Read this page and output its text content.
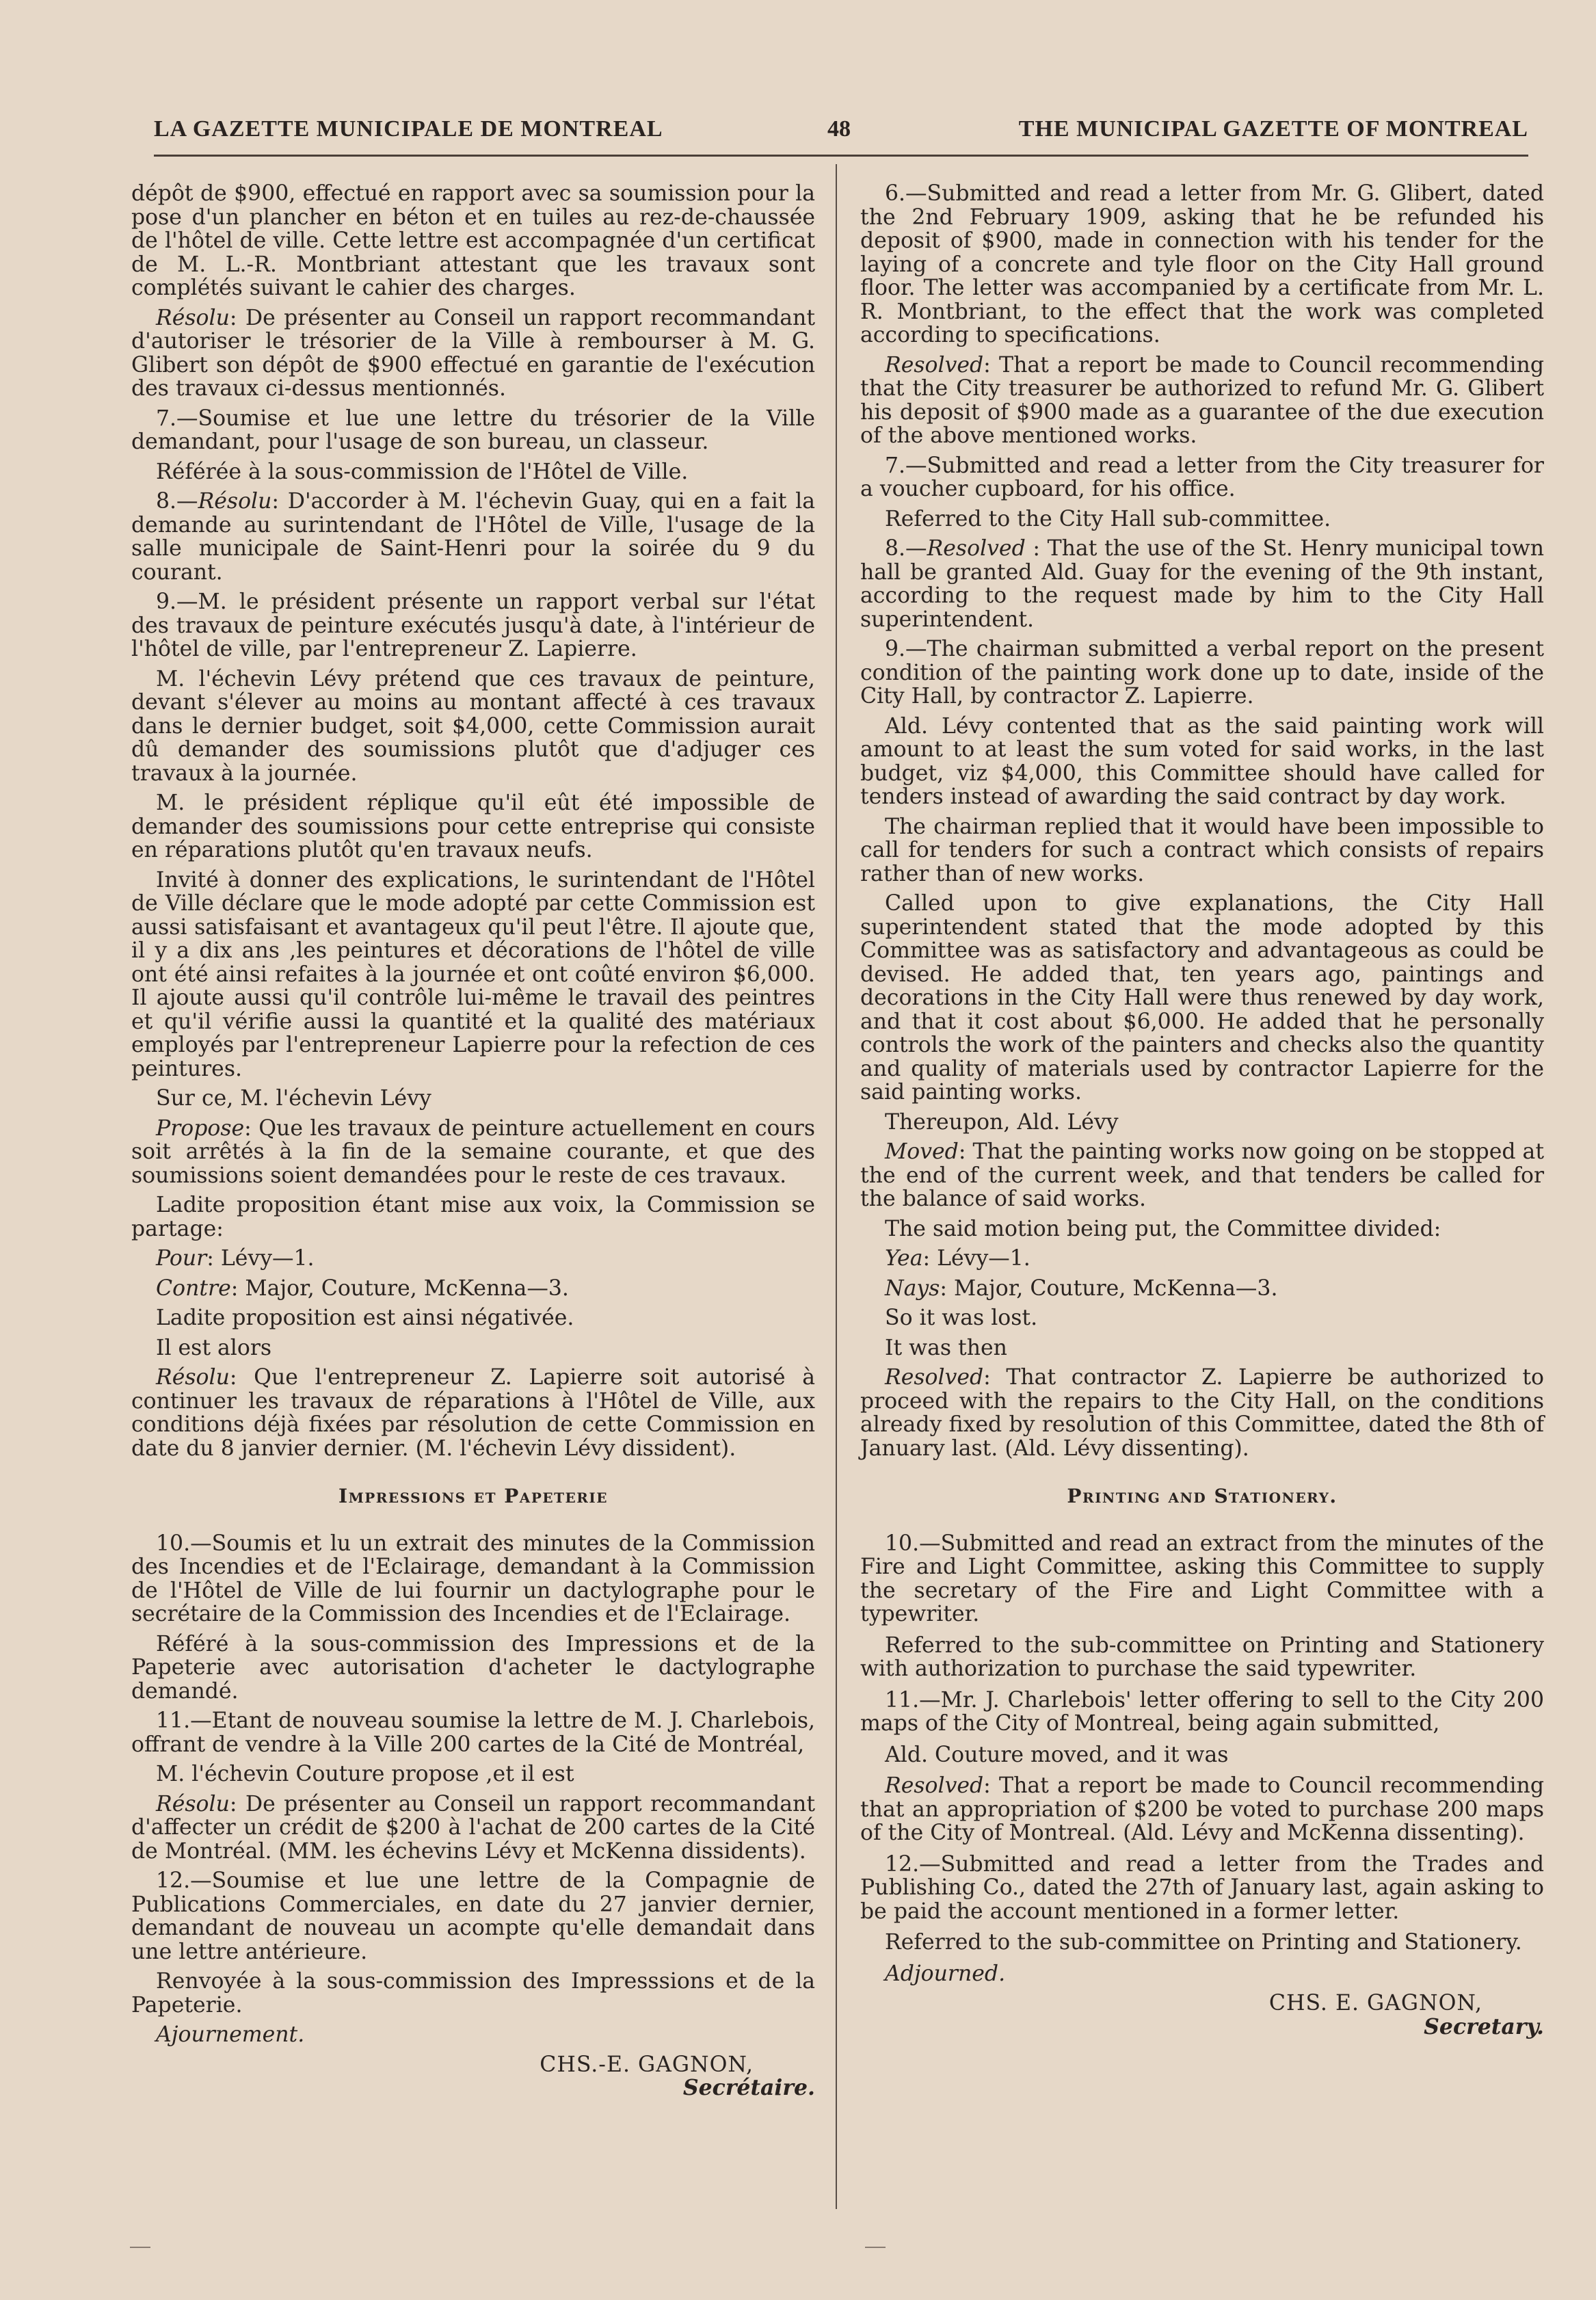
LA GAZETTE MUNICIPALE DE MONTREAL	48	THE MUNICIPAL GAZETTE OF MONTREAL

dépôt de $900, effectué en rapport avec sa soumission pour la pose d'un plancher en béton et en tuiles au rez-de-chaussée de l'hôtel de ville. Cette lettre est accompagnée d'un certificat de M. L.-R. Montbriant attestant que les travaux sont complétés suivant le cahier des charges.

Résolu: De présenter au Conseil un rapport recommandant d'autoriser le trésorier de la Ville à rembourser à M. G. Glibert son dépôt de $900 effectué en garantie de l'exécution des travaux ci-dessus mentionnés.

7.—Soumise et lue une lettre du trésorier de la Ville demandant, pour l'usage de son bureau, un classeur.

Référée à la sous-commission de l'Hôtel de Ville.

8.—Résolu: D'accorder à M. l'échevin Guay, qui en a fait la demande au surintendant de l'Hôtel de Ville, l'usage de la salle municipale de Saint-Henri pour la soirée du 9 du courant.

9.—M. le président présente un rapport verbal sur l'état des travaux de peinture exécutés jusqu'à date, à l'intérieur de l'hôtel de ville, par l'entrepreneur Z. Lapierre.

M. l'échevin Lévy prétend que ces travaux de peinture, devant s'élever au moins au montant affecté à ces travaux dans le dernier budget, soit $4,000, cette Commission aurait dû demander des soumissions plutôt que d'adjuger ces travaux à la journée.

M. le président réplique qu'il eût été impossible de demander des soumissions pour cette entreprise qui consiste en réparations plutôt qu'en travaux neufs.

Invité à donner des explications, le surintendant de l'Hôtel de Ville déclare que le mode adopté par cette Commission est aussi satisfaisant et avantageux qu'il peut l'être. Il ajoute que, il y a dix ans ,les peintures et décorations de l'hôtel de ville ont été ainsi refaites à la journée et ont coûté environ $6,000. Il ajoute aussi qu'il contrôle lui-même le travail des peintres et qu'il vérifie aussi la quantité et la qualité des matériaux employés par l'entrepreneur Lapierre pour la refection de ces peintures.

Sur ce, M. l'échevin Lévy

Propose: Que les travaux de peinture actuellement en cours soit arrêtés à la fin de la semaine courante, et que des soumissions soient demandées pour le reste de ces travaux.

Ladite proposition étant mise aux voix, la Commission se partage:

Pour: Lévy—1.

Contre: Major, Couture, McKenna—3.

Ladite proposition est ainsi négativée.

Il est alors

Résolu: Que l'entrepreneur Z. Lapierre soit autorisé à continuer les travaux de réparations à l'Hôtel de Ville, aux conditions déjà fixées par résolution de cette Commission en date du 8 janvier dernier. (M. l'échevin Lévy dissident).

Impressions et Papeterie

10.—Soumis et lu un extrait des minutes de la Commission des Incendies et de l'Eclairage, demandant à la Commission de l'Hôtel de Ville de lui fournir un dactylographe pour le secrétaire de la Commission des Incendies et de l'Eclairage.

Référé à la sous-commission des Impressions et de la Papeterie avec autorisation d'acheter le dactylographe demandé.

11.—Etant de nouveau soumise la lettre de M. J. Charlebois, offrant de vendre à la Ville 200 cartes de la Cité de Montréal,

M. l'échevin Couture propose ,et il est

Résolu: De présenter au Conseil un rapport recommandant d'affecter un crédit de $200 à l'achat de 200 cartes de la Cité de Montréal. (MM. les échevins Lévy et McKenna dissidents).

12.—Soumise et lue une lettre de la Compagnie de Publications Commerciales, en date du 27 janvier dernier, demandant de nouveau un acompte qu'elle demandait dans une lettre antérieure.

Renvoyée à la sous-commission des Impresssions et de la Papeterie.

Ajournement.

CHS.-E. GAGNON,

Secrétaire.

6.—Submitted and read a letter from Mr. G. Glibert, dated the 2nd February 1909, asking that he be refunded his deposit of $900, made in connection with his tender for the laying of a concrete and tyle floor on the City Hall ground floor. The letter was accompanied by a certificate from Mr. L. R. Montbriant, to the effect that the work was completed according to specifications.

Resolved: That a report be made to Council recommending that the City treasurer be authorized to refund Mr. G. Glibert his deposit of $900 made as a guarantee of the due execution of the above mentioned works.

7.—Submitted and read a letter from the City treasurer for a voucher cupboard, for his office.

Referred to the City Hall sub-committee.

8.—Resolved : That the use of the St. Henry municipal town hall be granted Ald. Guay for the evening of the 9th instant, according to the request made by him to the City Hall superintendent.

9.—The chairman submitted a verbal report on the present condition of the painting work done up to date, inside of the City Hall, by contractor Z. Lapierre.

Ald. Lévy contented that as the said painting work will amount to at least the sum voted for said works, in the last budget, viz $4,000, this Committee should have called for tenders instead of awarding the said contract by day work.

The chairman replied that it would have been impossible to call for tenders for such a contract which consists of repairs rather than of new works.

Called upon to give explanations, the City Hall superintendent stated that the mode adopted by this Committee was as satisfactory and advantageous as could be devised. He added that, ten years ago, paintings and decorations in the City Hall were thus renewed by day work, and that it cost about $6,000. He added that he personally controls the work of the painters and checks also the quantity and quality of materials used by contractor Lapierre for the said painting works.

Thereupon, Ald. Lévy

Moved: That the painting works now going on be stopped at the end of the current week, and that tenders be called for the balance of said works.

The said motion being put, the Committee divided:

Yea: Lévy—1.

Nays: Major, Couture, McKenna—3.

So it was lost.

It was then

Resolved: That contractor Z. Lapierre be authorized to proceed with the repairs to the City Hall, on the conditions already fixed by resolution of this Committee, dated the 8th of January last. (Ald. Lévy dissenting).

Printing and Stationery.

10.—Submitted and read an extract from the minutes of the Fire and Light Committee, asking this Committee to supply the secretary of the Fire and Light Committee with a typewriter.

Referred to the sub-committee on Printing and Stationery with authorization to purchase the said typewriter.

11.—Mr. J. Charlebois' letter offering to sell to the City 200 maps of the City of Montreal, being again submitted,

Ald. Couture moved, and it was

Resolved: That a report be made to Council recommending that an appropriation of $200 be voted to purchase 200 maps of the City of Montreal. (Ald. Lévy and McKenna dissenting).

12.—Submitted and read a letter from the Trades and Publishing Co., dated the 27th of January last, again asking to be paid the account mentioned in a former letter.

Referred to the sub-committee on Printing and Stationery.

Adjourned.

CHS. E. GAGNON,

Secretary.
